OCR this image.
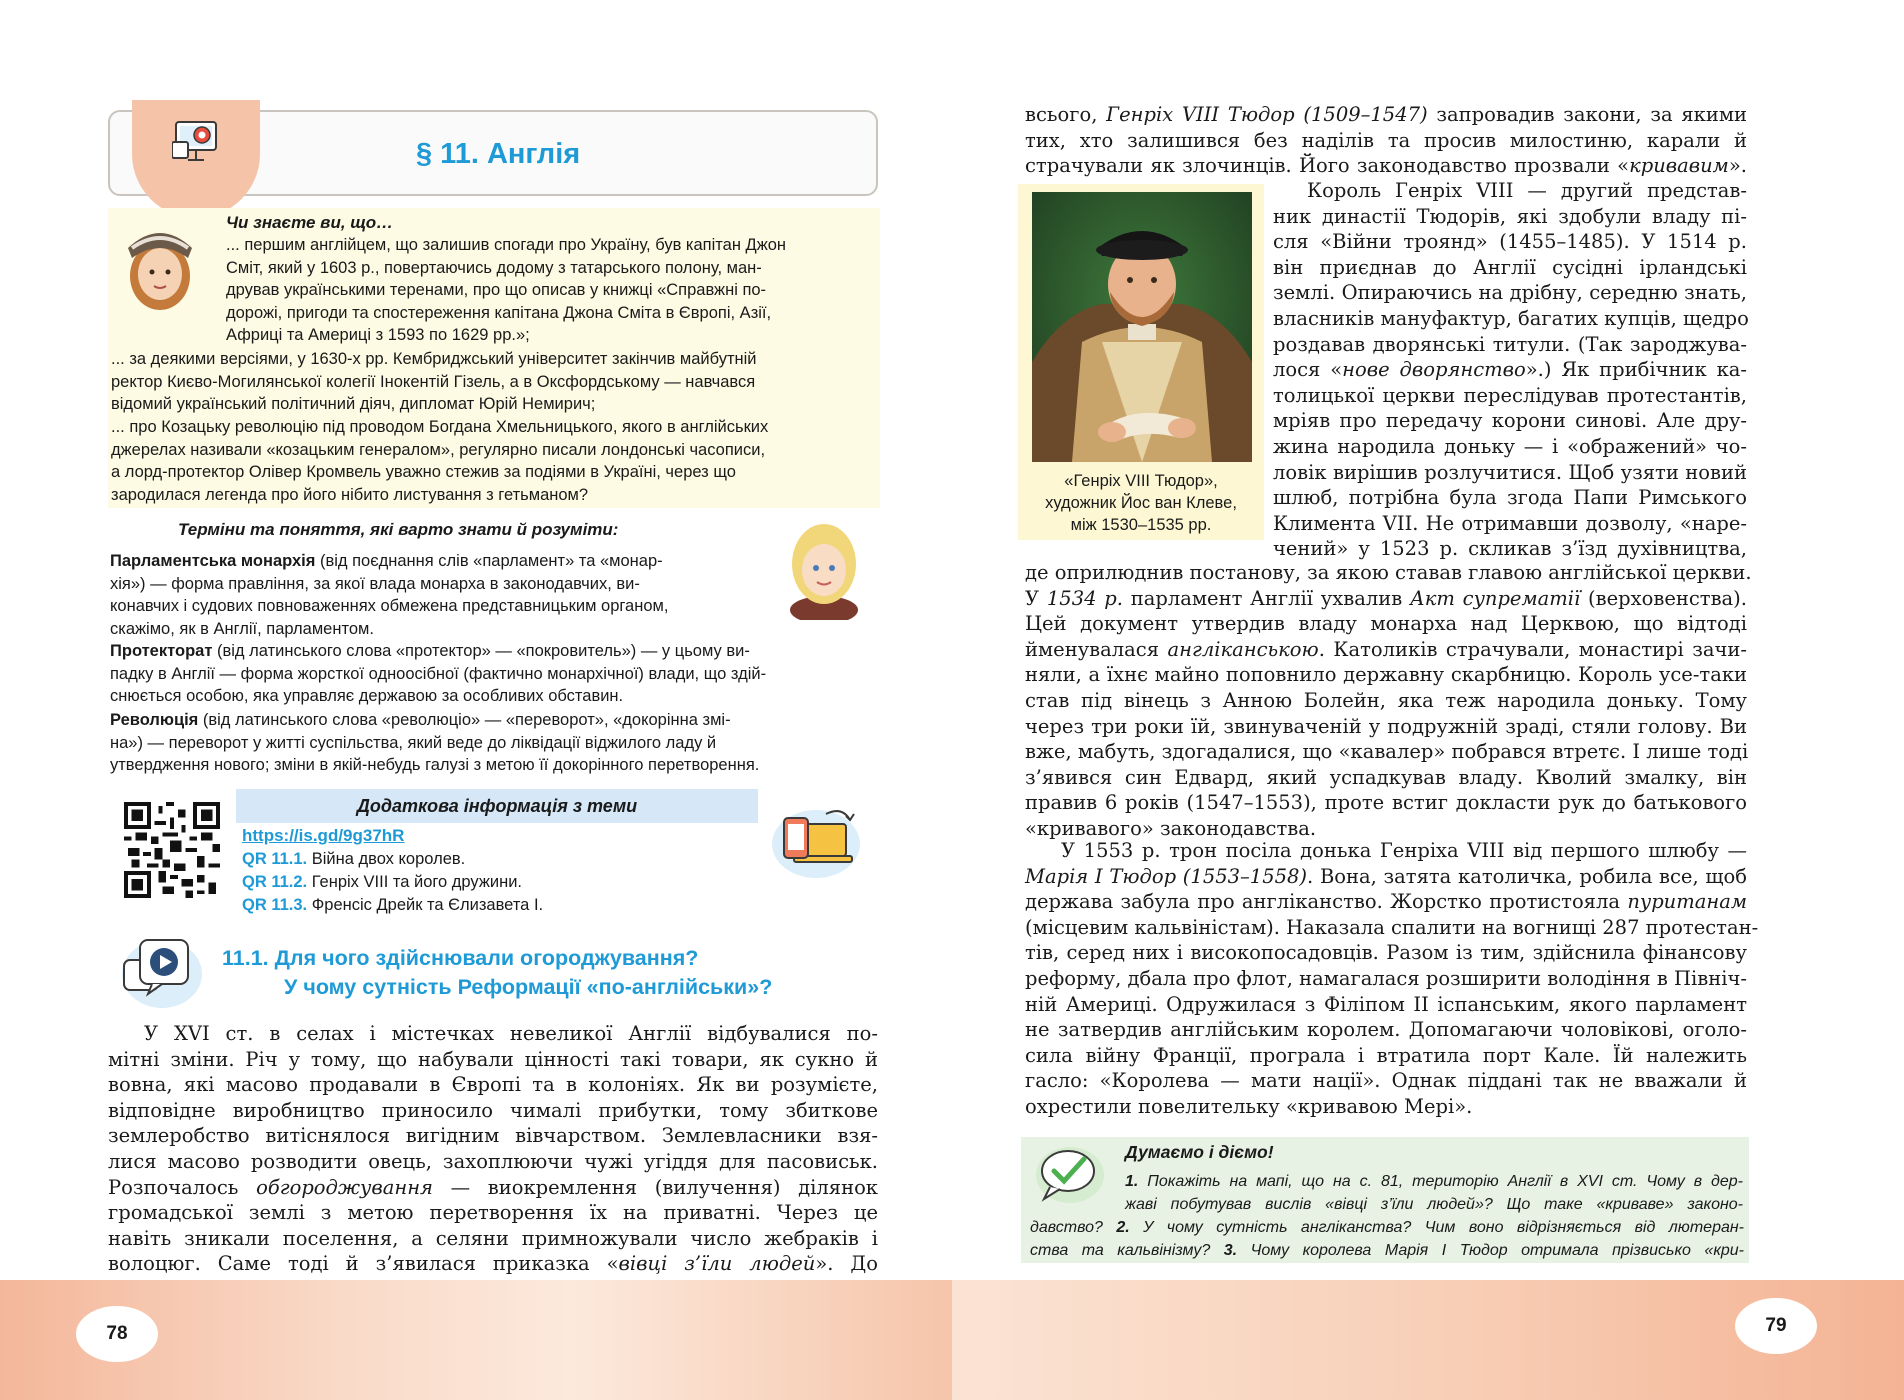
78
§ 11. Англія
Чи знаєте ви, що…
... першим англійцем, що залишив спогади про Україну, був капітан Джон
Сміт, який у 1603 р., повертаючись додому з татарського полону, ман-
дрував українськими теренами, про що описав у книжці «Справжні по-
дорожі, пригоди та спостереження капітана Джона Сміта в Європі, Азії,
Африці та Америці з 1593 по 1629 рр.»;
... за деякими версіями, у 1630-х рр. Кембриджський університет закінчив майбутній
ректор Києво-Могилянської колегії Інокентій Гізель, а в Оксфордському — навчався
відомий український політичний діяч, дипломат Юрій Немирич;
... про Козацьку революцію під проводом Богдана Хмельницького, якого в англійських
джерелах називали «козацьким генералом», регулярно писали лондонські часописи,
а лорд-протектор Олівер Кромвель уважно стежив за подіями в Україні, через що
зародилася легенда про його нібито листування з гетьманом?
Терміни та поняття, які варто знати й розуміти:
Парламентська монархія (від поєднання слів «парламент» та «монар-
хія») — форма правління, за якої влада монарха в законодавчих, ви-
конавчих і судових повноваженнях обмежена представницьким органом,
скажімо, як в Англії, парламентом.
Протекторат (від латинського слова «протектор» — «покровитель») — у цьому ви-
падку в Англії — форма жорсткої одноосібної (фактично монархічної) влади, що здій-
снюється особою, яка управляє державою за особливих обставин.
Революція (від латинського слова «революціо» — «переворот», «докорінна змі-
на») — переворот у житті суспільства, який веде до ліквідації віджилого ладу й
утвердження нового; зміни в якій-небудь галузі з метою її докорінного перетворення.
Додаткова інформація з теми
https://is.gd/9g37hR
QR 11.1. Війна двох королев.
QR 11.2. Генріх VIII та його дружини.
QR 11.3. Френсіс Дрейк та Єлизавета І.
11.1. Для чого здійснювали огороджування?
У чому сутність Реформації «по-англійськи»?
У XVI ст. в селах і містечках невеликої Англії відбувалися по-
мітні зміни. Річ у тому, що набували цінності такі товари, як сукно й
вовна, які масово продавали в Європі та в колоніях. Як ви розумієте,
відповідне виробництво приносило чималі прибутки, тому збиткове
землеробство витіснялося вигідним вівчарством. Землевласники взя-
лися масово розводити овець, захоплюючи чужі угіддя для пасовиськ.
Розпочалось обгороджування — виокремлення (вилучення) ділянок
громадської землі з метою перетворення їх на приватні. Через це
навіть зникали поселення, а селяни примножували число жебраків і
волоцюг. Саме тоді й з’явилася приказка «вівці з’їли людей». До
79
всього, Генріх VIII Тюдор (1509–1547) запровадив закони, за якими
тих, хто залишився без наділів та просив милостиню, карали й
страчували як злочинців. Його законодавство прозвали «кривавим».
«Генріх VIII Тюдор»,
художник Йос ван Клеве,
між 1530–1535 рр.
Король Генріх VIII — другий представ-
ник династії Тюдорів, які здобули владу пі-
сля «Війни троянд» (1455–1485). У 1514 р.
він приєднав до Англії сусідні ірландські
землі. Опираючись на дрібну, середню знать,
власників мануфактур, багатих купців, щедро
роздавав дворянські титули. (Так зароджува-
лося «нове дворянство».) Як прибічник ка-
толицької церкви переслідував протестантів,
мріяв про передачу корони синові. Але дру-
жина народила доньку — і «ображений» чо-
ловік вирішив розлучитися. Щоб узяти новий
шлюб, потрібна була згода Папи Римського
Климента VII. Не отримавши дозволу, «наре-
чений» у 1523 р. скликав з’їзд духівництва,
де оприлюднив постанову, за якою ставав главою англійської церкви.
У 1534 р. парламент Англії ухвалив Акт супрематії (верховенства).
Цей документ утвердив владу монарха над Церквою, що відтоді
йменувалася англіканською. Католиків страчували, монастирі зачи-
няли, а їхнє майно поповнило державну скарбницю. Король усе-таки
став під вінець з Анною Болейн, яка теж народила доньку. Тому
через три роки їй, звинуваченій у подружній зраді, стяли голову. Ви
вже, мабуть, здогадалися, що «кавалер» побрався втретє. І лише тоді
з’явився син Едвард, який успадкував владу. Кволий змалку, він
правив 6 років (1547–1553), проте встиг докласти рук до батькового
«кривавого» законодавства.
У 1553 р. трон посіла донька Генріха VIII від першого шлюбу —
Марія І Тюдор (1553–1558). Вона, затята католичка, робила все, щоб
держава забула про англіканство. Жорстко протистояла пуританам
(місцевим кальвіністам). Наказала спалити на вогнищі 287 протестан-
тів, серед них і високопосадовців. Разом із тим, здійснила фінансову
реформу, дбала про флот, намагалася розширити володіння в Північ-
ній Америці. Одружилася з Філіпом ІІ іспанським, якого парламент
не затвердив англійським королем. Допомагаючи чоловікові, оголо-
сила війну Франції, програла і втратила порт Кале. Їй належить
гасло: «Королева — мати нації». Однак піддані так не вважали й
охрестили повелительку «кривавою Мері».
Думаємо і діємо!
1. Покажіть на мапі, що на с. 81, територію Англії в XVI ст. Чому в дер-
жаві побутував вислів «вівці з’їли людей»? Що таке «криваве» законо-
давство? 2. У чому сутність англіканства? Чим воно відрізняється від лютеран-
ства та кальвінізму? 3. Чому королева Марія І Тюдор отримала прізвисько «кри-
